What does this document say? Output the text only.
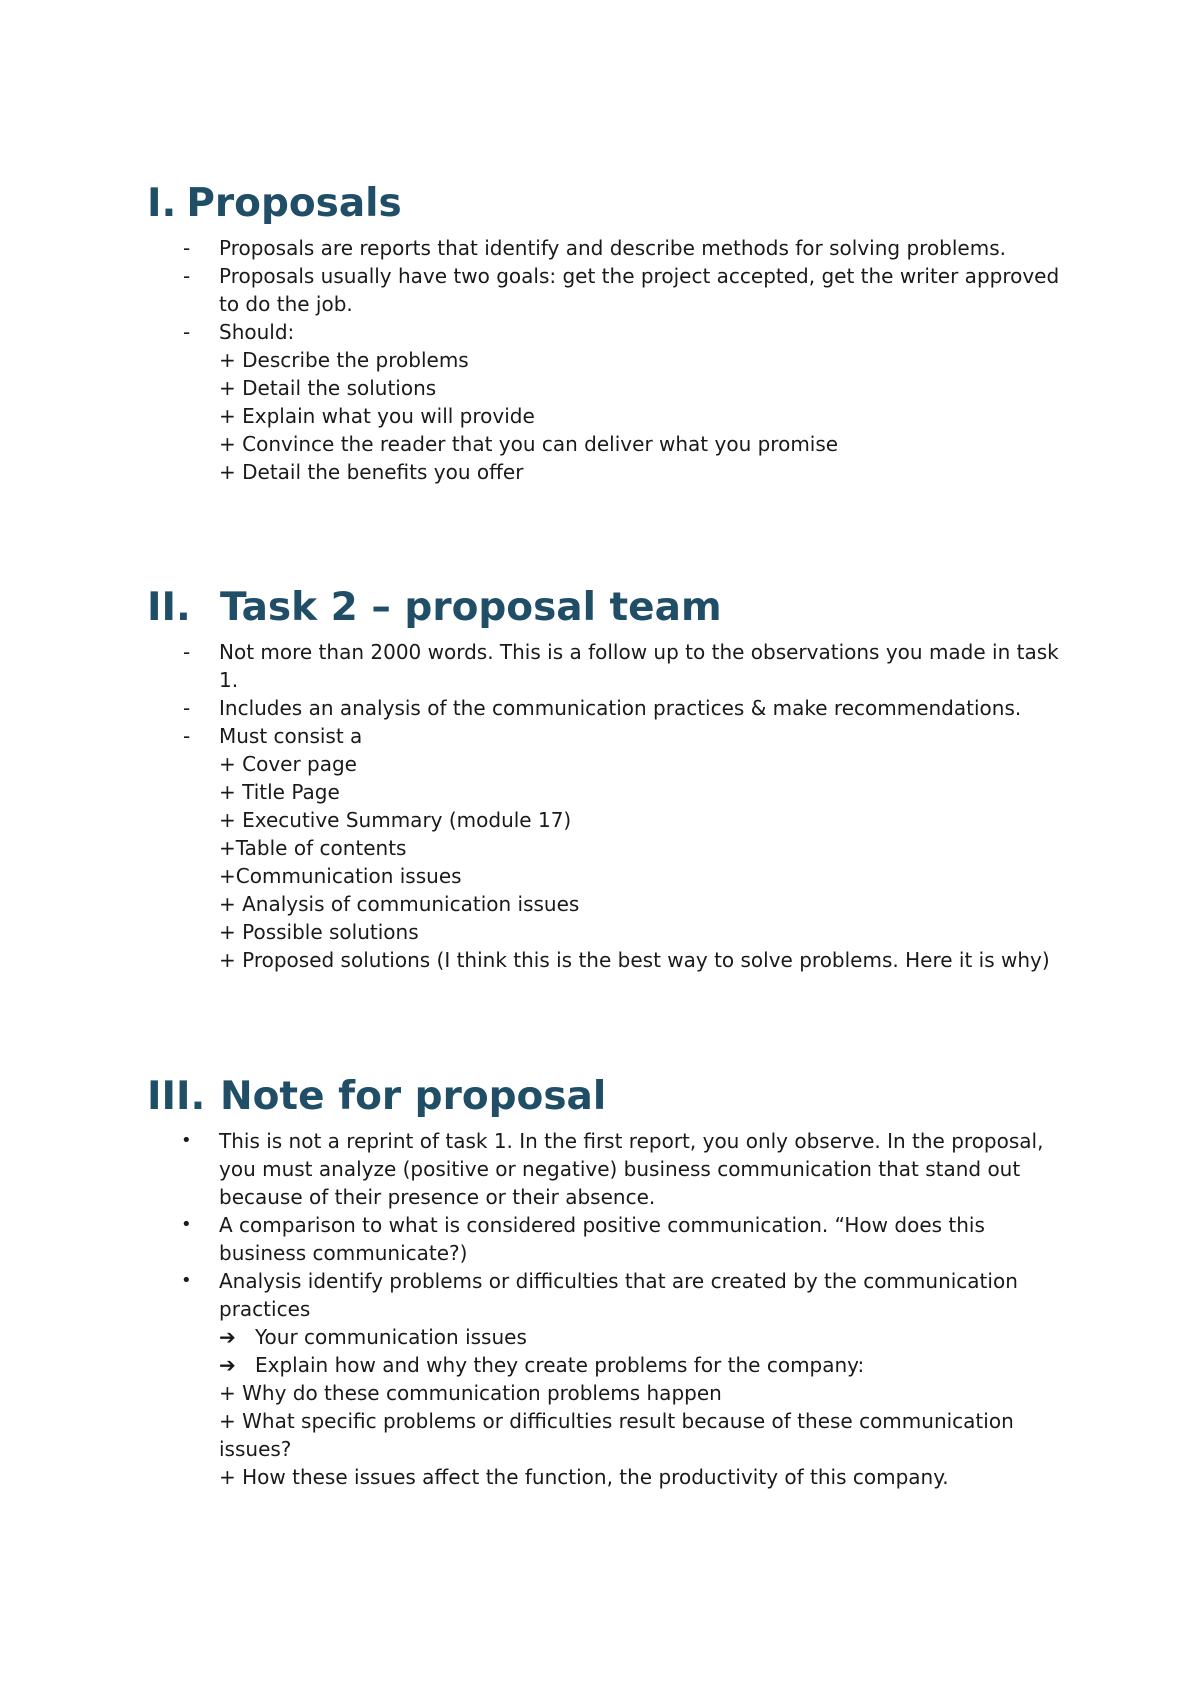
I. Proposals
- Proposals are reports that identify and describe methods for solving problems.
- Proposals usually have two goals: get the project accepted, get the writer approved to do the job.
- Should:
+ Describe the problems
+ Detail the solutions
+ Explain what you will provide
+ Convince the reader that you can deliver what you promise
+ Detail the benefits you offer
II. Task 2 – proposal team
- Not more than 2000 words. This is a follow up to the observations you made in task 1.
- Includes an analysis of the communication practices & make recommendations.
- Must consist a
+ Cover page
+ Title Page
+ Executive Summary (module 17)
+Table of contents
+Communication issues
+ Analysis of communication issues
+ Possible solutions
+ Proposed solutions (I think this is the best way to solve problems. Here it is why)
III. Note for proposal
• This is not a reprint of task 1. In the first report, you only observe. In the proposal, you must analyze (positive or negative) business communication that stand out because of their presence or their absence.
• A comparison to what is considered positive communication. “How does this business communicate?)
• Analysis identify problems or difficulties that are created by the communication practices
➔ Your communication issues
➔ Explain how and why they create problems for the company:
+ Why do these communication problems happen
+ What specific problems or difficulties result because of these communication issues?
+ How these issues affect the function, the productivity of this company.
